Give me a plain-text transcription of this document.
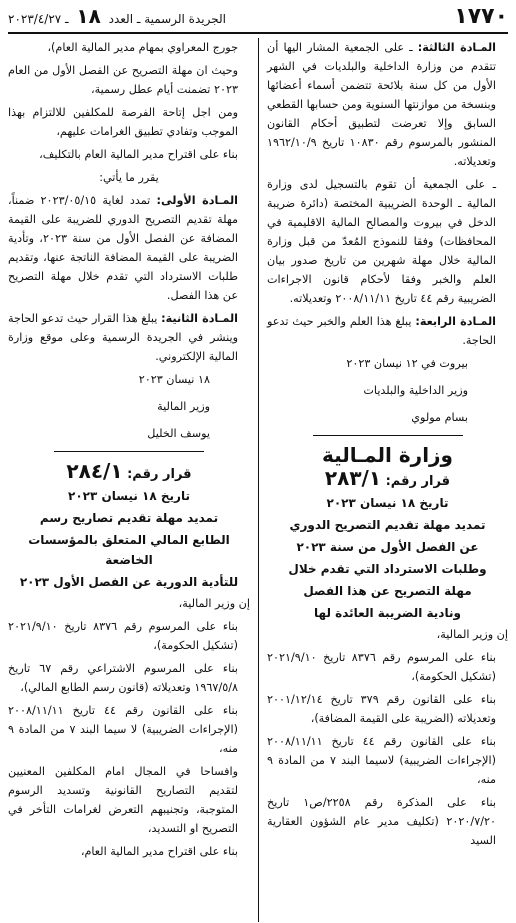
١٧٧٠
الجريدة الرسمية ـ العدد ١٨ ـ ٢٠٢٣/٤/٢٧

المـادة الثالثة: ـ على الجمعية المشار اليها أن تتقدم من وزارة الداخلية والبلديات في الشهر الأول من كل سنة بلائحة تتضمن أسماء أعضائها وبنسخة من موازنتها السنوية ومن حسابها القطعي السابق وإلا تعرضت لتطبيق أحكام القانون المنشور بالمرسوم رقم ١٠٨٣٠ تاريخ ١٩٦٢/١٠/٩ وتعديلاته.

ـ على الجمعية أن تقوم بالتسجيل لدى وزارة المالية ـ الوحدة الضريبية المختصة (دائرة ضريبة الدخل في بيروت والمصالح المالية الاقليمية في المحافظات) وفقا للنموذج المُعدّ من قبل وزارة المالية خلال مهلة شهرين من تاريخ صدور بيان العلم والخبر وفقا لأحكام قانون الاجراءات الضريبية رقم ٤٤ تاريخ ٢٠٠٨/١١/١١ وتعديلاته.

المـادة الرابعة: يبلغ هذا العلم والخبر حيث تدعو الحاجة.

بيروت في ١٢ نيسان ٢٠٢٣

وزير الداخلية والبلديات

بسام مولوي

وزارة المـالية
قرار رقم: ٢٨٣/١

تاريخ ١٨ نيسان ٢٠٢٣

تمديد مهلة تقديم التصريح الدوري

عن الفصل الأول من سنة ٢٠٢٣

وطلبات الاسترداد التي تقدم خلال

مهلة التصريح عن هذا الفصل

ونادية الضريبة العائدة لها

إن وزير المالية،

بناء على المرسوم رقم ٨٣٧٦ تاريخ ٢٠٢١/٩/١٠ (تشكيل الحكومة)،

بناء على القانون رقم ٣٧٩ تاريخ ٢٠٠١/١٢/١٤ وتعديلاته (الضريبة على القيمة المضافة)،

بناء على القانون رقم ٤٤ تاريخ ٢٠٠٨/١١/١١ (الإجراءات الضريبية) لاسيما البند ٧ من المادة ٩ منه،

بناء على المذكرة رقم ٢٢٥٨/ص١ تاريخ ٢٠٢٠/٧/٢٠ (تكليف مدير عام الشؤون العقارية السيد

جورج المعراوي بمهام مدير المالية العام)،

وحيث ان مهلة التصريح عن الفصل الأول من العام ٢٠٢٣ تضمنت أيام عطل رسمية،

ومن اجل إتاحة الفرصة للمكلفين للالتزام بهذا الموجب وتفادي تطبيق الغرامات عليهم،

بناء على اقتراح مدير المالية العام بالتكليف،

يقرر ما يأتي:

المـادة الأولى: تمدد لغاية ٢٠٢٣/٠٥/١٥ ضمناً، مهلة تقديم التصريح الدوري للضريبة على القيمة المضافة عن الفصل الأول من سنة ٢٠٢٣، وتأدية الضريبة على القيمة المضافة الناتجة عنها، وتقديم طلبات الاسترداد التي تقدم خلال مهلة التصريح عن هذا الفصل.

المـادة الثانية: يبلغ هذا القرار حيث تدعو الحاجة وينشر في الجريدة الرسمية وعلى موقع وزارة المالية الإلكتروني.

١٨ نيسان ٢٠٢٣

وزير المالية

يوسف الخليل

قرار رقم: ٢٨٤/١

تاريخ ١٨ نيسان ٢٠٢٣

تمديد مهلة تقديم تصاريح رسم

الطابع المالي المتعلق بالمؤسسات الخاضعة

للتأدية الدورية عن الفصل الأول ٢٠٢٣

إن وزير المالية،

بناء على المرسوم رقم ٨٣٧٦ تاريخ ٢٠٢١/٩/١٠ (تشكيل الحكومة)،

بناء على المرسوم الاشتراعي رقم ٦٧ تاريخ ١٩٦٧/٥/٨ وتعديلاته (قانون رسم الطابع المالي)،

بناء على القانون رقم ٤٤ تاريخ ٢٠٠٨/١١/١١ (الإجراءات الضريبية) لا سيما البند ٧ من المادة ٩ منه،

وافساحا في المجال امام المكلفين المعنيين لتقديم التصاريح القانونية وتسديد الرسوم المتوجبة، وتجنيبهم التعرض لغرامات التأخر في التصريح او التسديد،

بناء على اقتراح مدير المالية العام،
